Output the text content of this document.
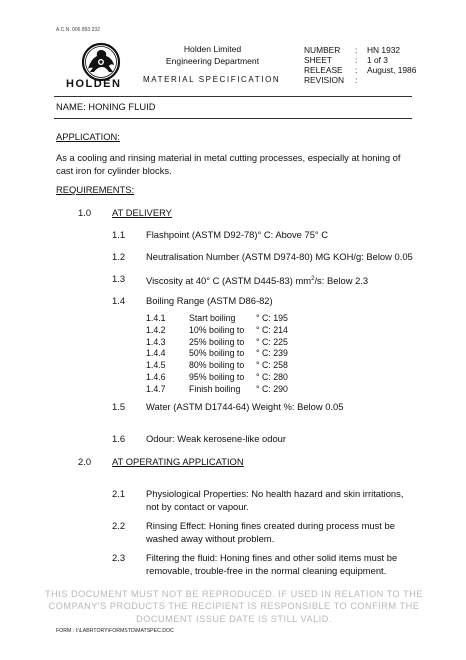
A.C.N. 006 893 232
HOLDEN
Holden Limited
Engineering Department
MATERIAL SPECIFICATION
NUMBER : HN 1932
SHEET	: 1 of 3
RELEASE : August, 1986
REVISION :
NAME: HONING FLUID
APPLICATION:
As a cooling and rinsing material in metal cutting processes, especially at honing of cast iron for cylinder blocks.
REQUIREMENTS:
1.0 AT DELIVERY
1.1 Flashpoint (ASTM D92-78)° C: Above 75° C
1.2 Neutralisation Number (ASTM D974-80) MG KOH/g: Below 0.05
1.3 Viscosity at 40° C (ASTM D445-83) $mm^2/s$: Below 2.3
1.4 Boiling Range (ASTM D86-82)
1.4.1	Start boiling ° C: 195
1.4.2	10% boiling to ° C: 214
1.4.3	25% boiling to ° C: 225
1.4.4	50% boiling to ° C: 239
1.4.5	80% boiling to ° C: 258
1.4.6	95% boiling to ° C: 280
1.4.7	Finish boiling ° C: 290
1.5 Water (ASTM D1744-64) Weight %: Below 0.05
1.6 Odour: Weak kerosene-like odour
2.0 AT OPERATING APPLICATION
2.1 Physiological Properties: No health hazard and skin irritations, not by contact or vapour.
2.2 Rinsing Effect: Honing fines created during process must be washed away without problem.
2.3 Filtering the fluid: Honing fines and other solid items must be removable, trouble-free in the normal cleaning equipment.
THIS DOCUMENT MUST NOT BE REPRODUCED. IF USED IN RELATION TO THE COMPANY'S PRODUCTS THE RECIPIENT IS RESPONSIBLE TO CONFIRM THE DOCUMENT ISSUE DATE IS STILL VALID.
FORM : I:\LABRTORY\FORMSTD\MATSPEC.DOC
